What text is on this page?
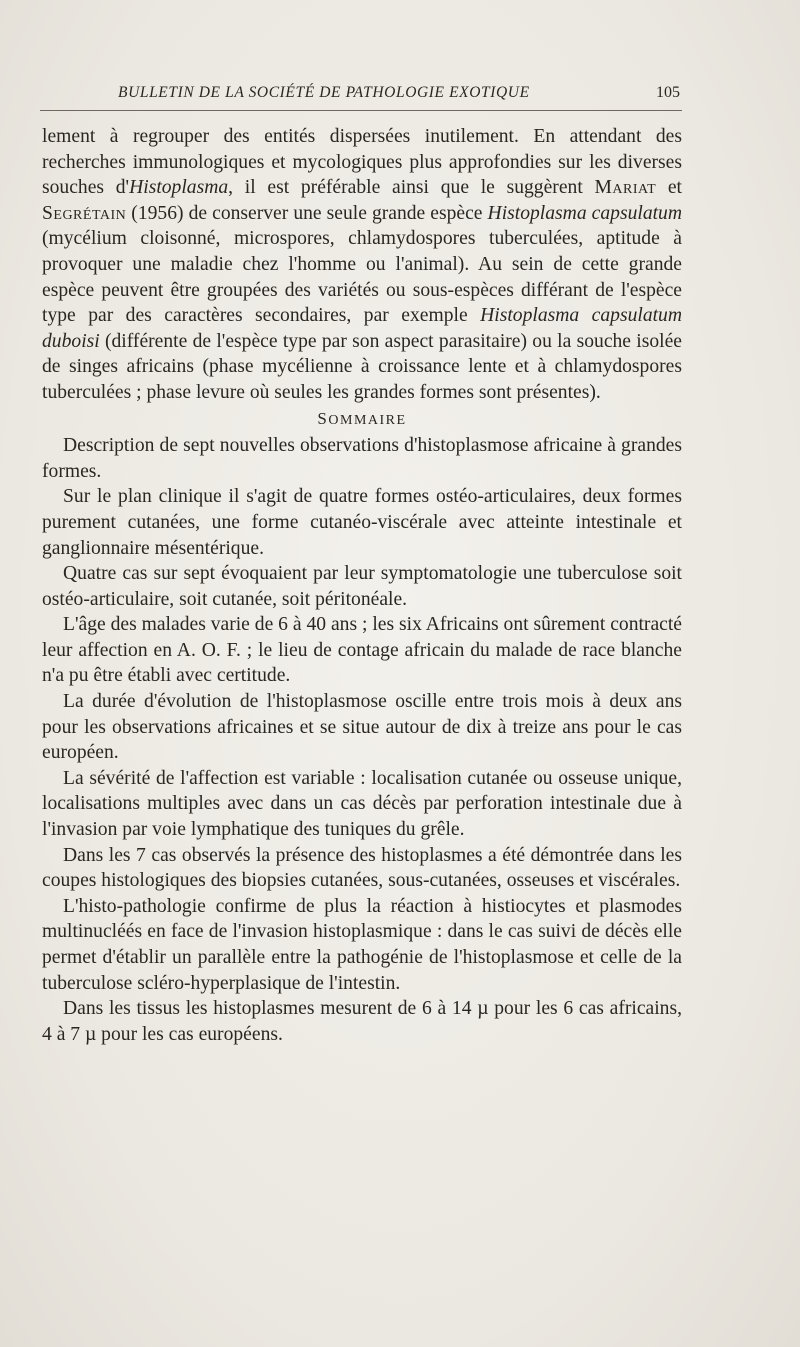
BULLETIN DE LA SOCIÉTÉ DE PATHOLOGIE EXOTIQUE	105

lement à regrouper des entités dispersées inutilement. En attendant des recherches immunologiques et mycologiques plus approfondies sur les diverses souches d'Histoplasma, il est préférable ainsi que le suggèrent Mariat et Segrétain (1956) de conserver une seule grande espèce Histoplasma capsulatum (mycélium cloisonné, microspores, chlamydospores tuberculées, aptitude à provoquer une maladie chez l'homme ou l'animal). Au sein de cette grande espèce peuvent être groupées des variétés ou sous-espèces différant de l'espèce type par des caractères secondaires, par exemple Histoplasma capsulatum duboisi (différente de l'espèce type par son aspect parasitaire) ou la souche isolée de singes africains (phase mycélienne à croissance lente et à chlamydospores tuberculées ; phase levure où seules les grandes formes sont présentes).

SOMMAIRE

Description de sept nouvelles observations d'histoplasmose africaine à grandes formes.

Sur le plan clinique il s'agit de quatre formes ostéo-articulaires, deux formes purement cutanées, une forme cutanéo-viscérale avec atteinte intestinale et ganglionnaire mésentérique.

Quatre cas sur sept évoquaient par leur symptomatologie une tuberculose soit ostéo-articulaire, soit cutanée, soit péritonéale.

L'âge des malades varie de 6 à 40 ans ; les six Africains ont sûrement contracté leur affection en A. O. F. ; le lieu de contage africain du malade de race blanche n'a pu être établi avec certitude.

La durée d'évolution de l'histoplasmose oscille entre trois mois à deux ans pour les observations africaines et se situe autour de dix à treize ans pour le cas européen.

La sévérité de l'affection est variable : localisation cutanée ou osseuse unique, localisations multiples avec dans un cas décès par perforation intestinale due à l'invasion par voie lymphatique des tuniques du grêle.

Dans les 7 cas observés la présence des histoplasmes a été démontrée dans les coupes histologiques des biopsies cutanées, sous-cutanées, osseuses et viscérales.

L'histo-pathologie confirme de plus la réaction à histiocytes et plasmodes multinucléés en face de l'invasion histoplasmique : dans le cas suivi de décès elle permet d'établir un parallèle entre la pathogénie de l'histoplasmose et celle de la tuberculose scléro-hyperplasique de l'intestin.

Dans les tissus les histoplasmes mesurent de 6 à 14 µ pour les 6 cas africains, 4 à 7 µ pour les cas européens.
